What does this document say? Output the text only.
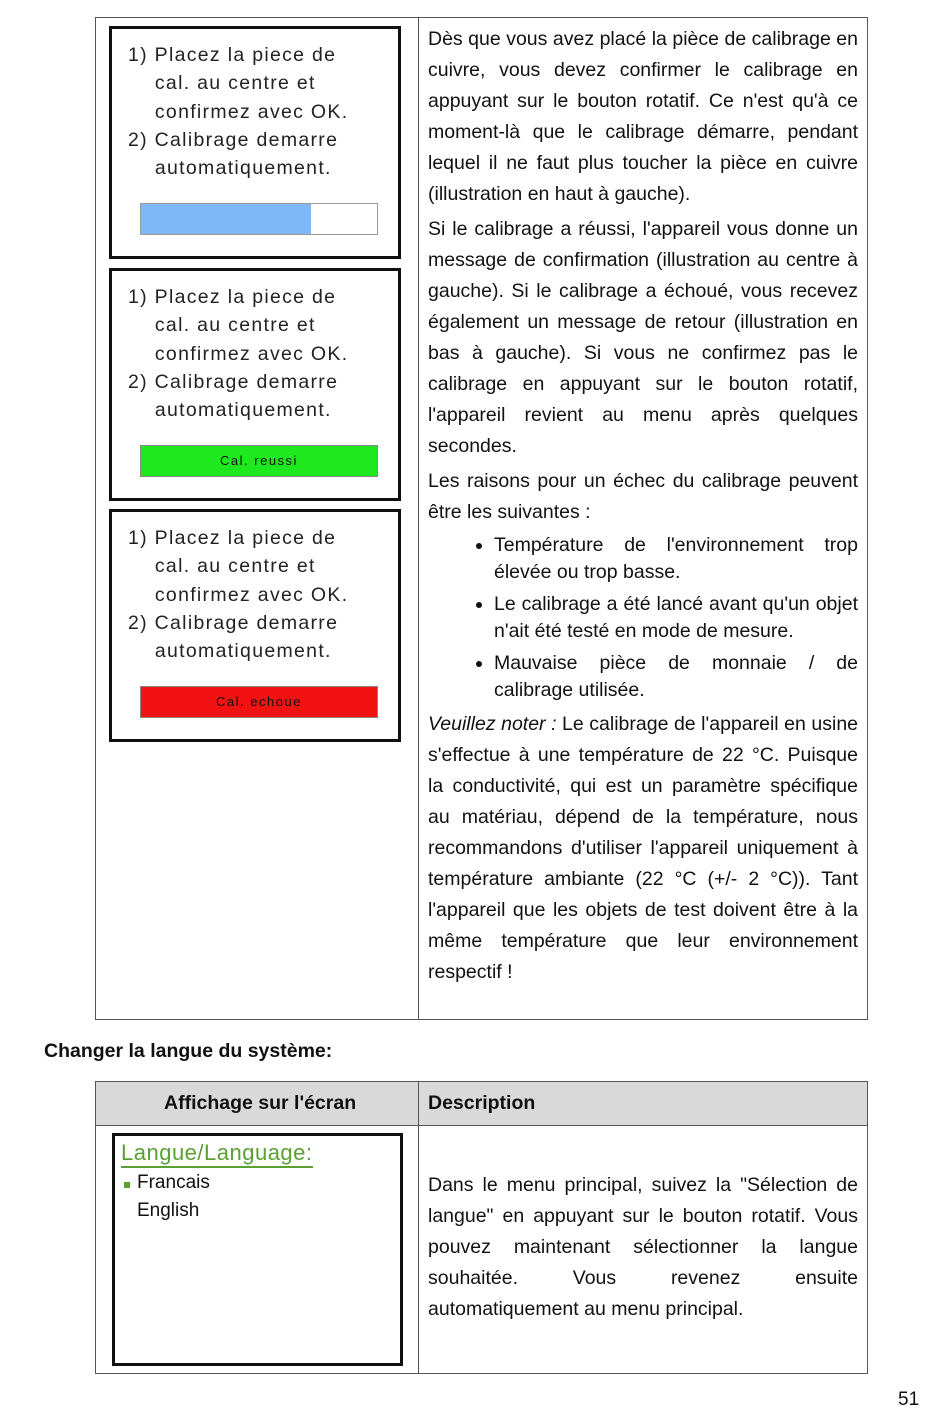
1) Placez la piece de
cal. au centre et
confirmez avec OK.
2) Calibrage demarre
automatiquement.
1) Placez la piece de
cal. au centre et
confirmez avec OK.
2) Calibrage demarre
automatiquement.
Cal. reussi
1) Placez la piece de
cal. au centre et
confirmez avec OK.
2) Calibrage demarre
automatiquement.
Cal. echoue

Dès que vous avez placé la pièce de calibrage en cuivre, vous devez confirmer le calibrage en appuyant sur le bouton rotatif. Ce n'est qu'à ce moment-là que le calibrage démarre, pendant lequel il ne faut plus toucher la pièce en cuivre (illustration en haut à gauche).

Si le calibrage a réussi, l'appareil vous donne un message de confirmation (illustration au centre à gauche). Si le calibrage a échoué, vous recevez également un message de retour (illustration en bas à gauche). Si vous ne confirmez pas le calibrage en appuyant sur le bouton rotatif, l'appareil revient au menu après quelques secondes.

Les raisons pour un échec du calibrage peuvent être les suivantes :

• Température de l'environnement trop élevée ou trop basse.
• Le calibrage a été lancé avant qu'un objet n'ait été testé en mode de mesure.
• Mauvaise pièce de monnaie / de calibrage utilisée.

Veuillez noter : Le calibrage de l'appareil en usine s'effectue à une température de 22 °C. Puisque la conductivité, qui est un paramètre spécifique au matériau, dépend de la température, nous recommandons d'utiliser l'appareil uniquement à température ambiante (22 °C (+/- 2 °C)). Tant l'appareil que les objets de test doivent être à la même température que leur environnement respectif !

Changer la langue du système:
Affichage sur l'écran	Description
Langue/Language:
Francais
English
Dans le menu principal, suivez la "Sélection de langue" en appuyant sur le bouton rotatif. Vous pouvez maintenant sélectionner la langue souhaitée. Vous revenez ensuite automatiquement au menu principal.
51
